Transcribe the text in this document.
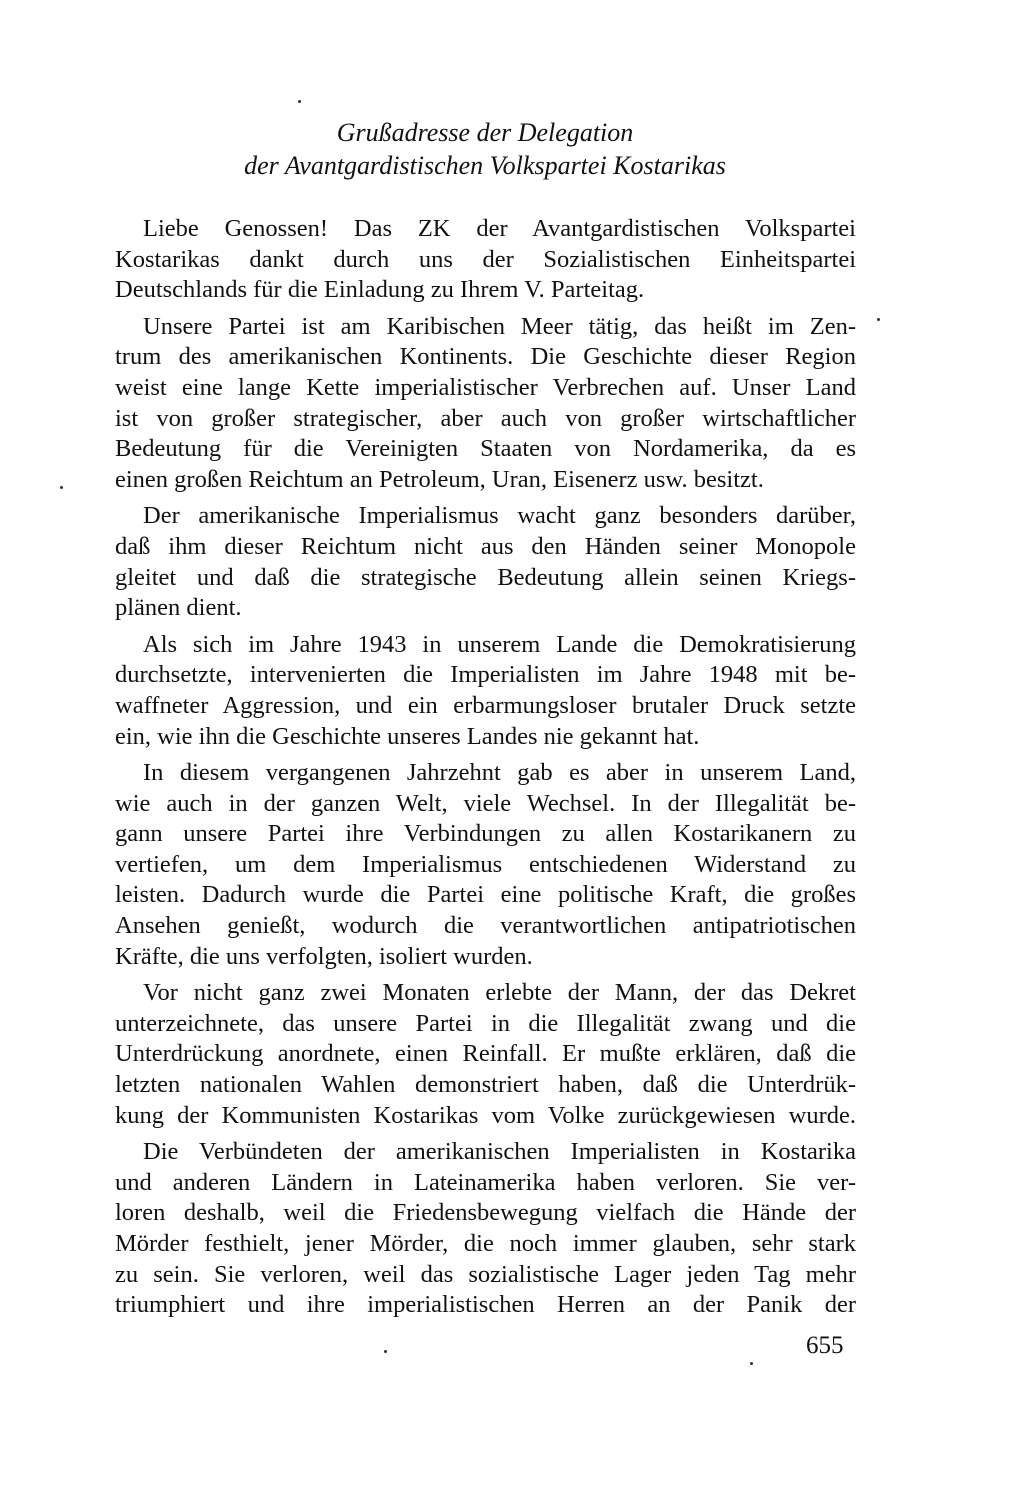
Grußadresse der Delegation
der Avantgardistischen Volkspartei Kostarikas
Liebe Genossen! Das ZK der Avantgardistischen Volkspartei
Kostarikas dankt durch uns der Sozialistischen Einheitspartei
Deutschlands für die Einladung zu Ihrem V. Parteitag.
Unsere Partei ist am Karibischen Meer tätig, das heißt im Zen-
trum des amerikanischen Kontinents. Die Geschichte dieser Region
weist eine lange Kette imperialistischer Verbrechen auf. Unser Land
ist von großer strategischer, aber auch von großer wirtschaftlicher
Bedeutung für die Vereinigten Staaten von Nordamerika, da es
einen großen Reichtum an Petroleum, Uran, Eisenerz usw. besitzt.
Der amerikanische Imperialismus wacht ganz besonders darüber,
daß ihm dieser Reichtum nicht aus den Händen seiner Monopole
gleitet und daß die strategische Bedeutung allein seinen Kriegs-
plänen dient.
Als sich im Jahre 1943 in unserem Lande die Demokratisierung
durchsetzte, intervenierten die Imperialisten im Jahre 1948 mit be-
waffneter Aggression, und ein erbarmungsloser brutaler Druck setzte
ein, wie ihn die Geschichte unseres Landes nie gekannt hat.
In diesem vergangenen Jahrzehnt gab es aber in unserem Land,
wie auch in der ganzen Welt, viele Wechsel. In der Illegalität be-
gann unsere Partei ihre Verbindungen zu allen Kostarikanern zu
vertiefen, um dem Imperialismus entschiedenen Widerstand zu
leisten. Dadurch wurde die Partei eine politische Kraft, die großes
Ansehen genießt, wodurch die verantwortlichen antipatriotischen
Kräfte, die uns verfolgten, isoliert wurden.
Vor nicht ganz zwei Monaten erlebte der Mann, der das Dekret
unterzeichnete, das unsere Partei in die Illegalität zwang und die
Unterdrückung anordnete, einen Reinfall. Er mußte erklären, daß die
letzten nationalen Wahlen demonstriert haben, daß die Unterdrük-
kung der Kommunisten Kostarikas vom Volke zurückgewiesen wurde.
Die Verbündeten der amerikanischen Imperialisten in Kostarika
und anderen Ländern in Lateinamerika haben verloren. Sie ver-
loren deshalb, weil die Friedensbewegung vielfach die Hände der
Mörder festhielt, jener Mörder, die noch immer glauben, sehr stark
zu sein. Sie verloren, weil das sozialistische Lager jeden Tag mehr
triumphiert und ihre imperialistischen Herren an der Panik der
655
